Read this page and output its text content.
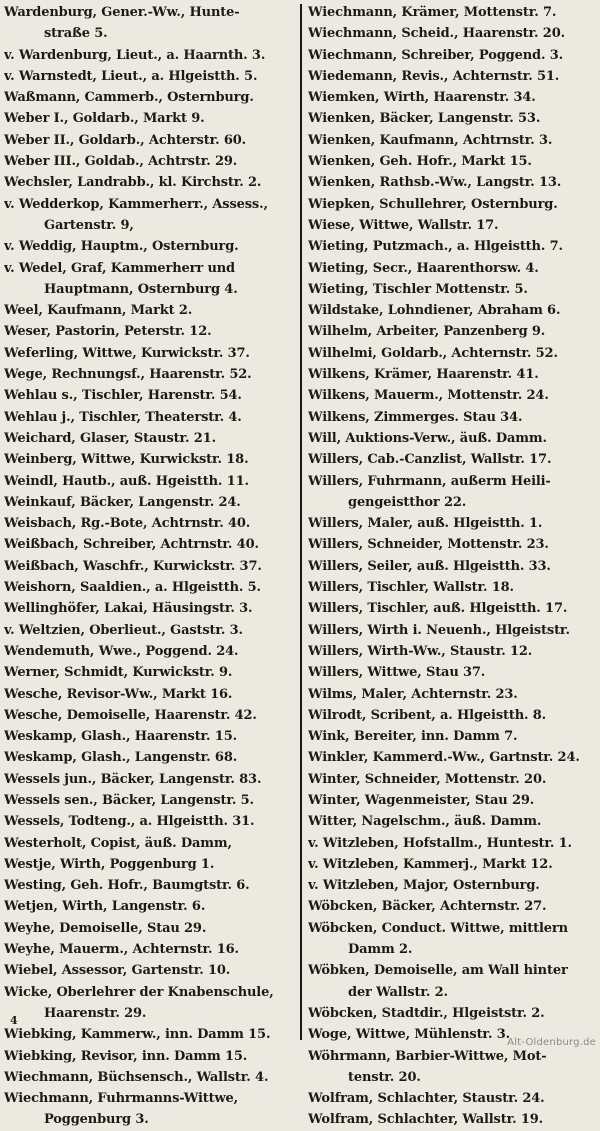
Wardenburg, Gener.-Ww., Hunte-
straße 5.
v. Wardenburg, Lieut., a. Haarnth. 3.
v. Warnstedt, Lieut., a. Hlgeistth. 5.
Waßmann, Cammerb., Osternburg.
Weber I., Goldarb., Markt 9.
Weber II., Goldarb., Achterstr. 60.
Weber III., Goldab., Achtrstr. 29.
Wechsler, Landrabb., kl. Kirchstr. 2.
v. Wedderkop, Kammerherr., Assess.,
Gartenstr. 9,
v. Weddig, Hauptm., Osternburg.
v. Wedel, Graf, Kammerherr und
Hauptmann, Osternburg 4.
Weel, Kaufmann, Markt 2.
Weser, Pastorin, Peterstr. 12.
Weferling, Wittwe, Kurwickstr. 37.
Wege, Rechnungsf., Haarenstr. 52.
Wehlau s., Tischler, Harenstr. 54.
Wehlau j., Tischler, Theaterstr. 4.
Weichard, Glaser, Staustr. 21.
Weinberg, Wittwe, Kurwickstr. 18.
Weindl, Hautb., auß. Hgeistth. 11.
Weinkauf, Bäcker, Langenstr. 24.
Weisbach, Rg.-Bote, Achtrnstr. 40.
Weißbach, Schreiber, Achtrnstr. 40.
Weißbach, Waschfr., Kurwickstr. 37.
Weishorn, Saaldien., a. Hlgeistth. 5.
Wellinghöfer, Lakai, Häusingstr. 3.
v. Weltzien, Oberlieut., Gaststr. 3.
Wendemuth, Wwe., Poggend. 24.
Werner, Schmidt, Kurwickstr. 9.
Wesche, Revisor-Ww., Markt 16.
Wesche, Demoiselle, Haarenstr. 42.
Weskamp, Glash., Haarenstr. 15.
Weskamp, Glash., Langenstr. 68.
Wessels jun., Bäcker, Langenstr. 83.
Wessels sen., Bäcker, Langenstr. 5.
Wessels, Todteng., a. Hlgeistth. 31.
Westerholt, Copist, äuß. Damm,
Westje, Wirth, Poggenburg 1.
Westing, Geh. Hofr., Baumgtstr. 6.
Wetjen, Wirth, Langenstr. 6.
Weyhe, Demoiselle, Stau 29.
Weyhe, Mauerm., Achternstr. 16.
Wiebel, Assessor, Gartenstr. 10.
Wicke, Oberlehrer der Knabenschule,
Haarenstr. 29.
Wiebking, Kammerw., inn. Damm 15.
Wiebking, Revisor, inn. Damm 15.
Wiechmann, Büchsensch., Wallstr. 4.
Wiechmann, Fuhrmanns-Wittwe,
Poggenburg 3.
Wiechmann, Krämer, Mottenstr. 7.
Wiechmann, Scheid., Haarenstr. 20.
Wiechmann, Schreiber, Poggend. 3.
Wiedemann, Revis., Achternstr. 51.
Wiemken, Wirth, Haarenstr. 34.
Wienken, Bäcker, Langenstr. 53.
Wienken, Kaufmann, Achtrnstr. 3.
Wienken, Geh. Hofr., Markt 15.
Wienken, Rathsb.-Ww., Langstr. 13.
Wiepken, Schullehrer, Osternburg.
Wiese, Wittwe, Wallstr. 17.
Wieting, Putzmach., a. Hlgeistth. 7.
Wieting, Secr., Haarenthorsw. 4.
Wieting, Tischler Mottenstr. 5.
Wildstake, Lohndiener, Abraham 6.
Wilhelm, Arbeiter, Panzenberg 9.
Wilhelmi, Goldarb., Achternstr. 52.
Wilkens, Krämer, Haarenstr. 41.
Wilkens, Mauerm., Mottenstr. 24.
Wilkens, Zimmerges. Stau 34.
Will, Auktions-Verw., äuß. Damm.
Willers, Cab.-Canzlist, Wallstr. 17.
Willers, Fuhrmann, außerm Heili-
gengeistthor 22.
Willers, Maler, auß. Hlgeistth. 1.
Willers, Schneider, Mottenstr. 23.
Willers, Seiler, auß. Hlgeistth. 33.
Willers, Tischler, Wallstr. 18.
Willers, Tischler, auß. Hlgeistth. 17.
Willers, Wirth i. Neuenh., Hlgeiststr.
Willers, Wirth-Ww., Staustr. 12.
Willers, Wittwe, Stau 37.
Wilms, Maler, Achternstr. 23.
Wilrodt, Scribent, a. Hlgeistth. 8.
Wink, Bereiter, inn. Damm 7.
Winkler, Kammerd.-Ww., Gartnstr. 24.
Winter, Schneider, Mottenstr. 20.
Winter, Wagenmeister, Stau 29.
Witter, Nagelschm., äuß. Damm.
v. Witzleben, Hofstallm., Huntestr. 1.
v. Witzleben, Kammerj., Markt 12.
v. Witzleben, Major, Osternburg.
Wöbcken, Bäcker, Achternstr. 27.
Wöbcken, Conduct. Wittwe, mittlern
Damm 2.
Wöbken, Demoiselle, am Wall hinter
der Wallstr. 2.
Wöbcken, Stadtdir., Hlgeiststr. 2.
Woge, Wittwe, Mühlenstr. 3.
Wöhrmann, Barbier-Wittwe, Mot-
tenstr. 20.
Wolfram, Schlachter, Staustr. 24.
Wolfram, Schlachter, Wallstr. 19.
4
Alt-Oldenburg.de
